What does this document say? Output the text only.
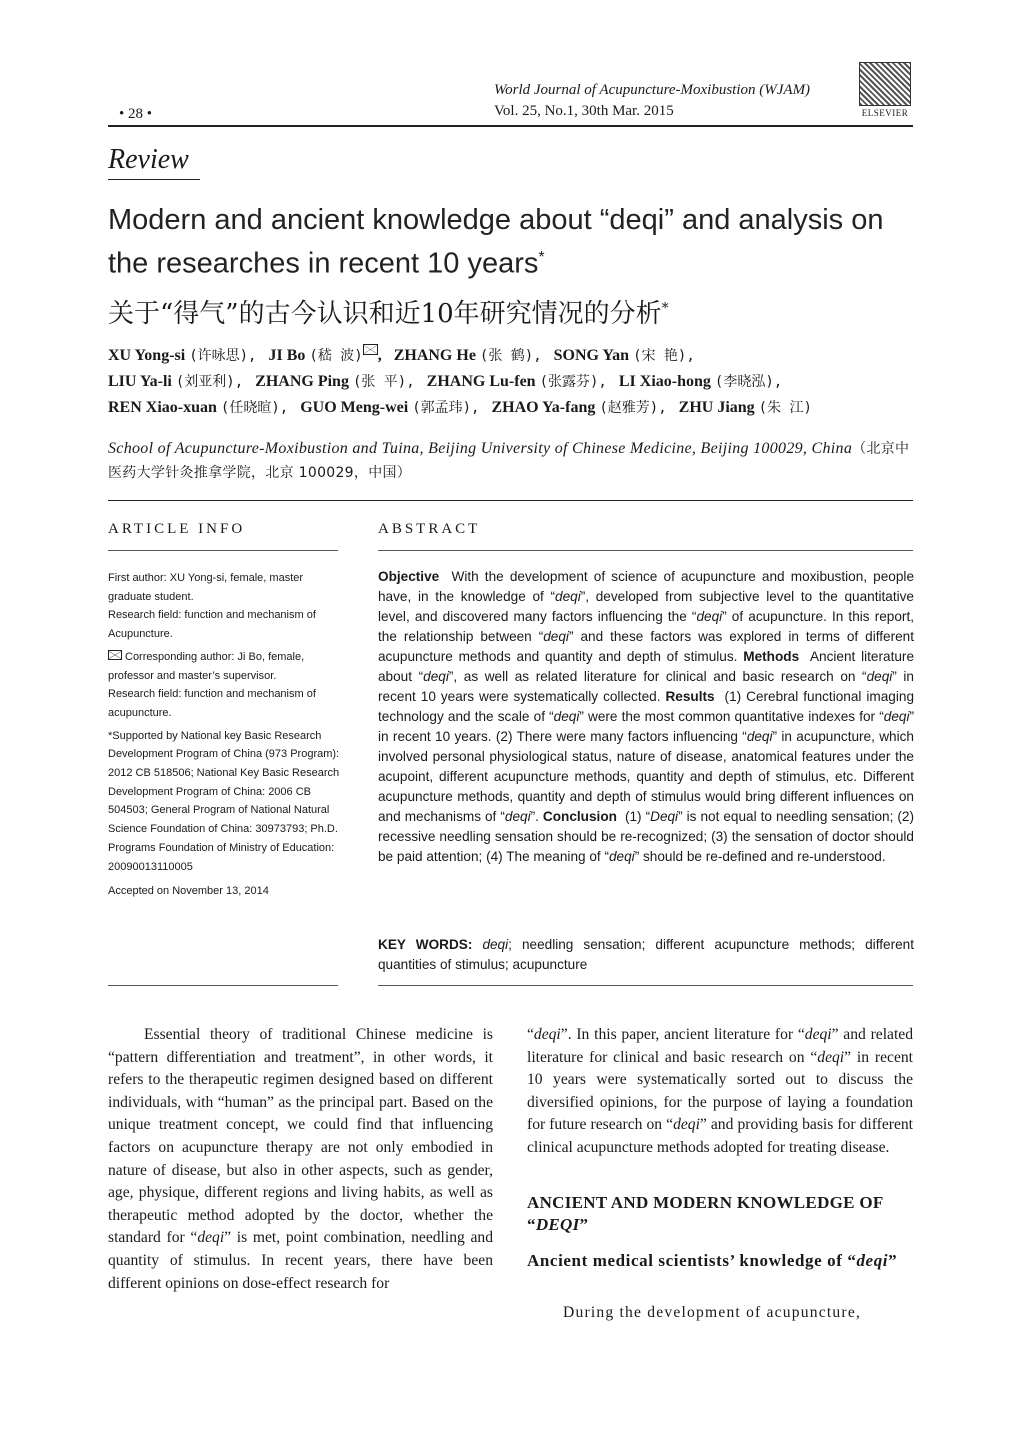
World Journal of Acupuncture-Moxibustion (WJAM)
Vol. 25, No.1, 30th Mar. 2015
• 28 •	ELSEVIER
Review
Modern and ancient knowledge about “deqi” and analysis on the researches in recent 10 years*
关于“得气”的古今认识和近10年研究情况的分析*
XU Yong-si (许咏思), JI Bo (嵇 波) , ZHANG He (张 鹤), SONG Yan (宋 艳),
LIU Ya-li (刘亚利), ZHANG Ping (张 平), ZHANG Lu-fen (张露芬), LI Xiao-hong (李晓泓),
REN Xiao-xuan (任晓暄), GUO Meng-wei (郭孟玮), ZHAO Ya-fang (赵雅芳), ZHU Jiang (朱 江)
School of Acupuncture-Moxibustion and Tuina, Beijing University of Chinese Medicine, Beijing 100029, China（北京中医药大学针灸推拿学院，北京 100029，中国）
ARTICLE INFO	ABSTRACT

First author: XU Yong-si, female, master graduate student.

Research field: function and mechanism of Acupuncture.

Corresponding author: Ji Bo, female, professor and master’s supervisor.

Research field: function and mechanism of acupuncture.

*Supported by National key Basic Research Development Program of China (973 Program): 2012 CB 518506; National Key Basic Research Development Program of China: 2006 CB 504503; General Program of National Natural Science Foundation of China: 30973793; Ph.D. Programs Foundation of Ministry of Education: 20090013110005

Accepted on November 13, 2014

Objective With the development of science of acupuncture and moxibustion, people have, in the knowledge of “deqi”, developed from subjective level to the quantitative level, and discovered many factors influencing the “deqi” of acupuncture. In this report, the relationship between “deqi” and these factors was explored in terms of different acupuncture methods and quantity and depth of stimulus. Methods Ancient literature about “deqi”, as well as related literature for clinical and basic research on “deqi” in recent 10 years were systematically collected. Results (1) Cerebral functional imaging technology and the scale of “deqi” were the most common quantitative indexes for “deqi” in recent 10 years. (2) There were many factors influencing “deqi” in acupuncture, which involved personal physiological status, nature of disease, anatomical features under the acupoint, different acupuncture methods, quantity and depth of stimulus, etc. Different acupuncture methods, quantity and depth of stimulus would bring different influences on and mechanisms of “deqi”. Conclusion (1) “Deqi” is not equal to needling sensation; (2) recessive needling sensation should be re-recognized; (3) the sensation of doctor should be paid attention; (4) The meaning of “deqi” should be re-defined and re-understood.

KEY WORDS: deqi; needling sensation; different acupuncture methods; different quantities of stimulus; acupuncture

Essential theory of traditional Chinese medicine is “pattern differentiation and treatment”, in other words, it refers to the therapeutic regimen designed based on different individuals, with “human” as the principal part. Based on the unique treatment concept, we could find that influencing factors on acupuncture therapy are not only embodied in nature of disease, but also in other aspects, such as gender, age, physique, different regions and living habits, as well as therapeutic method adopted by the doctor, whether the standard for “deqi” is met, point combination, needling and quantity of stimulus. In recent years, there have been different opinions on dose-effect research for

“deqi”. In this paper, ancient literature for “deqi” and related literature for clinical and basic research on “deqi” in recent 10 years were systematically sorted out to discuss the diversified opinions, for the purpose of laying a foundation for future research on “deqi” and providing basis for different clinical acupuncture methods adopted for treating disease.

ANCIENT AND MODERN KNOWLEDGE OF “DEQI”
Ancient medical scientists’ knowledge of “deqi”

During the development of acupuncture,
